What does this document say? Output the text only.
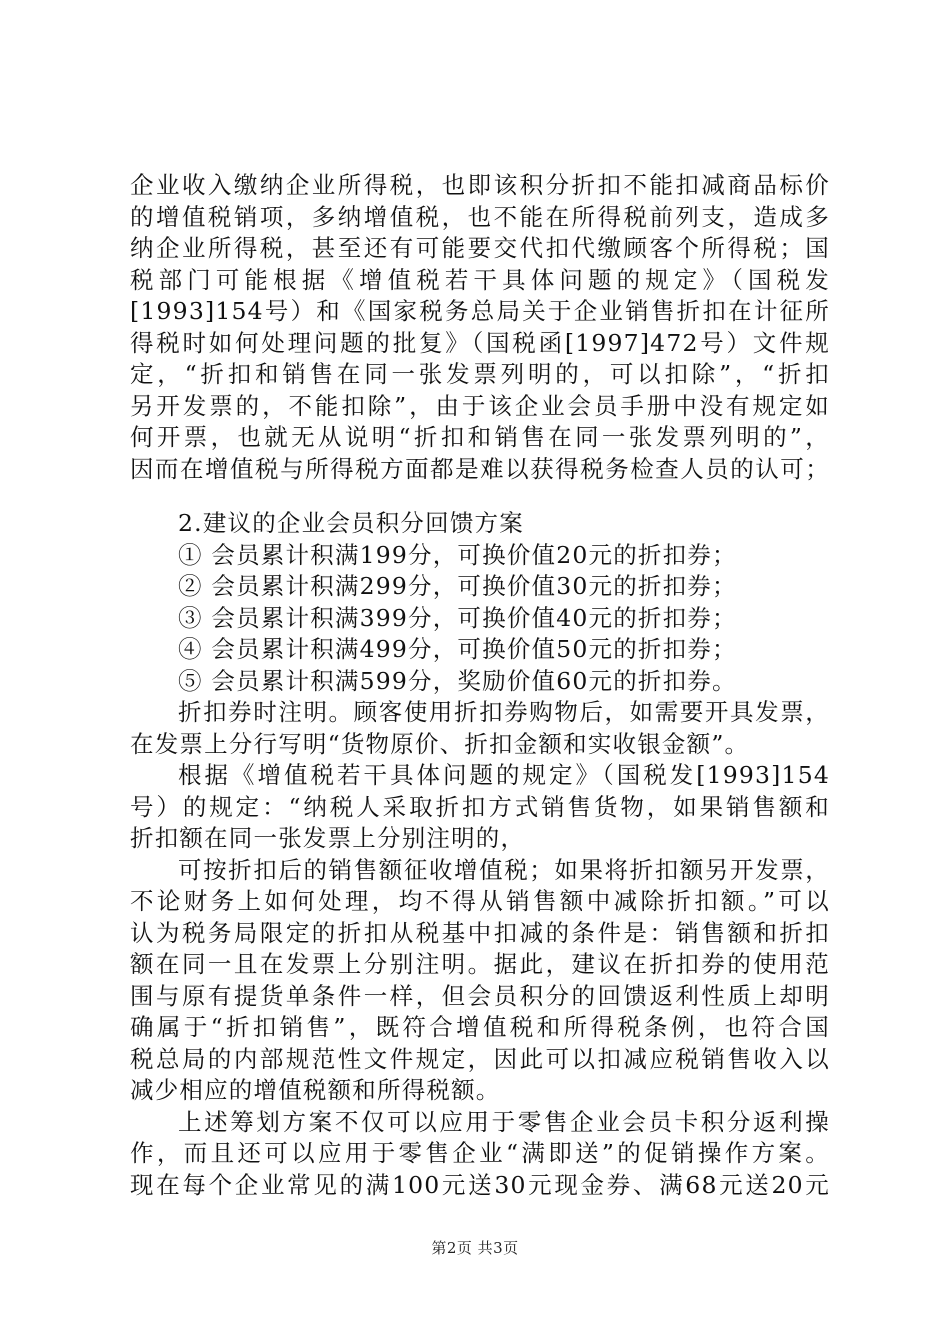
企业收入缴纳企业所得税，也即该积分折扣不能扣减商品标价
的增值税销项，多纳增值税，也不能在所得税前列支，造成多
纳企业所得税，甚至还有可能要交代扣代缴顾客个所得税；国
税部门可能根据《增值税若干具体问题的规定》（国税发
[1993]154号）和《国家税务总局关于企业销售折扣在计征所
得税时如何处理问题的批复》（国税函[1997]472号）文件规
定，“折扣和销售在同一张发票列明的，可以扣除”，“折扣
另开发票的，不能扣除”，由于该企业会员手册中没有规定如
何开票，也就无从说明“折扣和销售在同一张发票列明的”，
因而在增值税与所得税方面都是难以获得税务检查人员的认可；
2.建议的企业会员积分回馈方案
① 会员累计积满199分，可换价值20元的折扣券；
② 会员累计积满299分，可换价值30元的折扣券；
③ 会员累计积满399分，可换价值40元的折扣券；
④ 会员累计积满499分，可换价值50元的折扣券；
⑤ 会员累计积满599分，奖励价值60元的折扣券。
折扣券时注明。顾客使用折扣券购物后，如需要开具发票，
在发票上分行写明“货物原价、折扣金额和实收银金额”。
根据《增值税若干具体问题的规定》（国税发[1993]154
号）的规定：“纳税人采取折扣方式销售货物，如果销售额和
折扣额在同一张发票上分别注明的，
可按折扣后的销售额征收增值税；如果将折扣额另开发票，
不论财务上如何处理，均不得从销售额中减除折扣额。”可以
认为税务局限定的折扣从税基中扣减的条件是：销售额和折扣
额在同一且在发票上分别注明。据此，建议在折扣券的使用范
围与原有提货单条件一样，但会员积分的回馈返利性质上却明
确属于“折扣销售”，既符合增值税和所得税条例，也符合国
税总局的内部规范性文件规定，因此可以扣减应税销售收入以
减少相应的增值税额和所得税额。
上述筹划方案不仅可以应用于零售企业会员卡积分返利操
作，而且还可以应用于零售企业“满即送”的促销操作方案。
现在每个企业常见的满100元送30元现金券、满68元送20元
第2页 共3页
